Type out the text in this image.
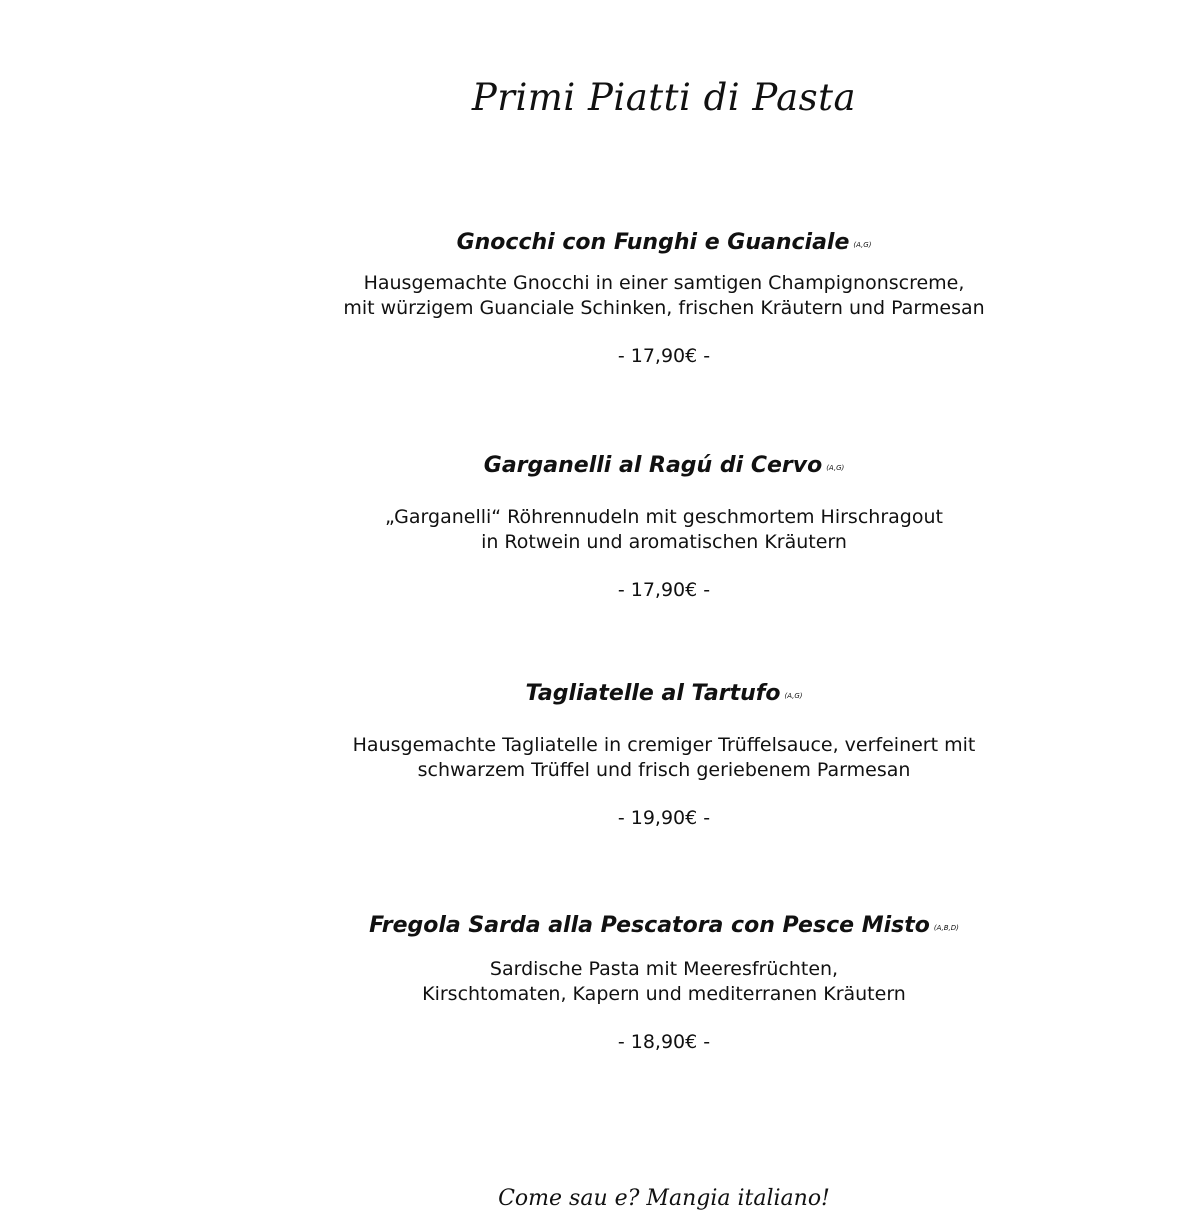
Primi Piatti di Pasta
Gnocchi con Funghi e Guanciale (A,G)
Hausgemachte Gnocchi in einer samtigen Champignonscreme,
mit würzigem Guanciale Schinken, frischen Kräutern und Parmesan
- 17,90€ -
Garganelli al Ragú di Cervo (A,G)
„Garganelli“ Röhrennudeln mit geschmortem Hirschragout
in Rotwein und aromatischen Kräutern
- 17,90€ -
Tagliatelle al Tartufo (A,G)
Hausgemachte Tagliatelle in cremiger Trüffelsauce, verfeinert mit
schwarzem Trüffel und frisch geriebenem Parmesan
- 19,90€ -
Fregola Sarda alla Pescatora con Pesce Misto (A,B,D)
Sardische Pasta mit Meeresfrüchten,
Kirschtomaten, Kapern und mediterranen Kräutern
- 18,90€ -
Come sau e? Mangia italiano!
